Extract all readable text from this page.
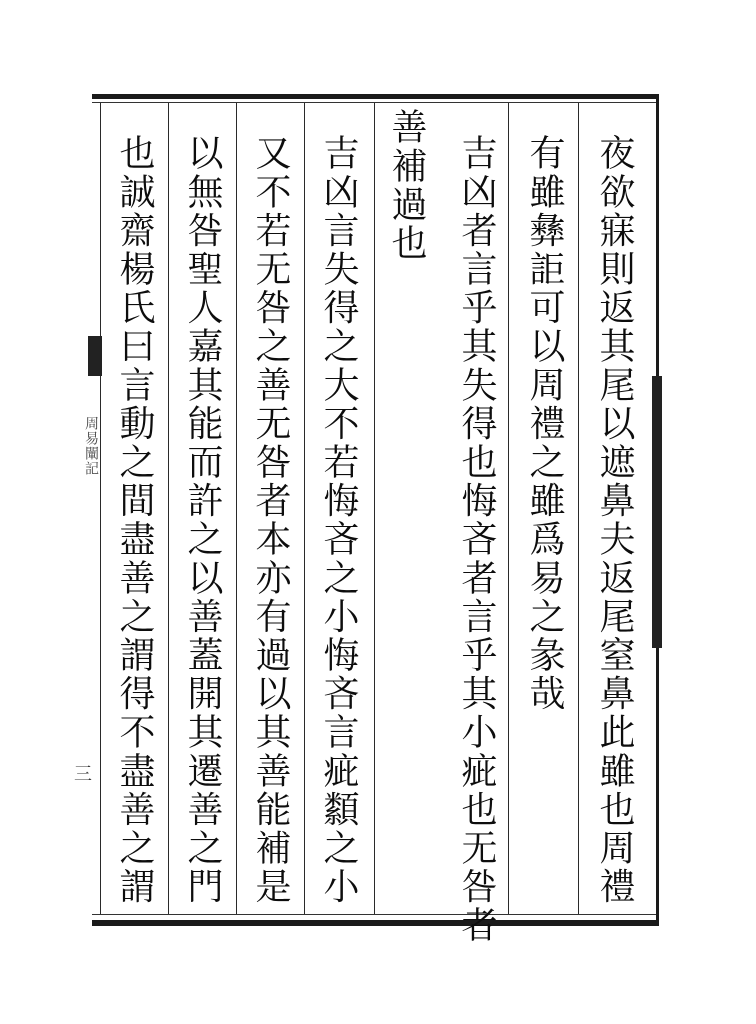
周易闡記
三	夜欲寐則返其尾以遮鼻夫返尾窒鼻此雖也周禮
有雖彝詎可以周禮之雖爲易之彖哉
吉凶者言乎其失得也悔吝者言乎其小疵也无咎者
善補過也
吉凶言失得之大不若悔吝之小悔吝言疵纇之小
又不若无咎之善无咎者本亦有過以其善能補是
以無咎聖人嘉其能而許之以善蓋開其遷善之門
也誠齋楊氏曰言動之間盡善之謂得不盡善之謂
